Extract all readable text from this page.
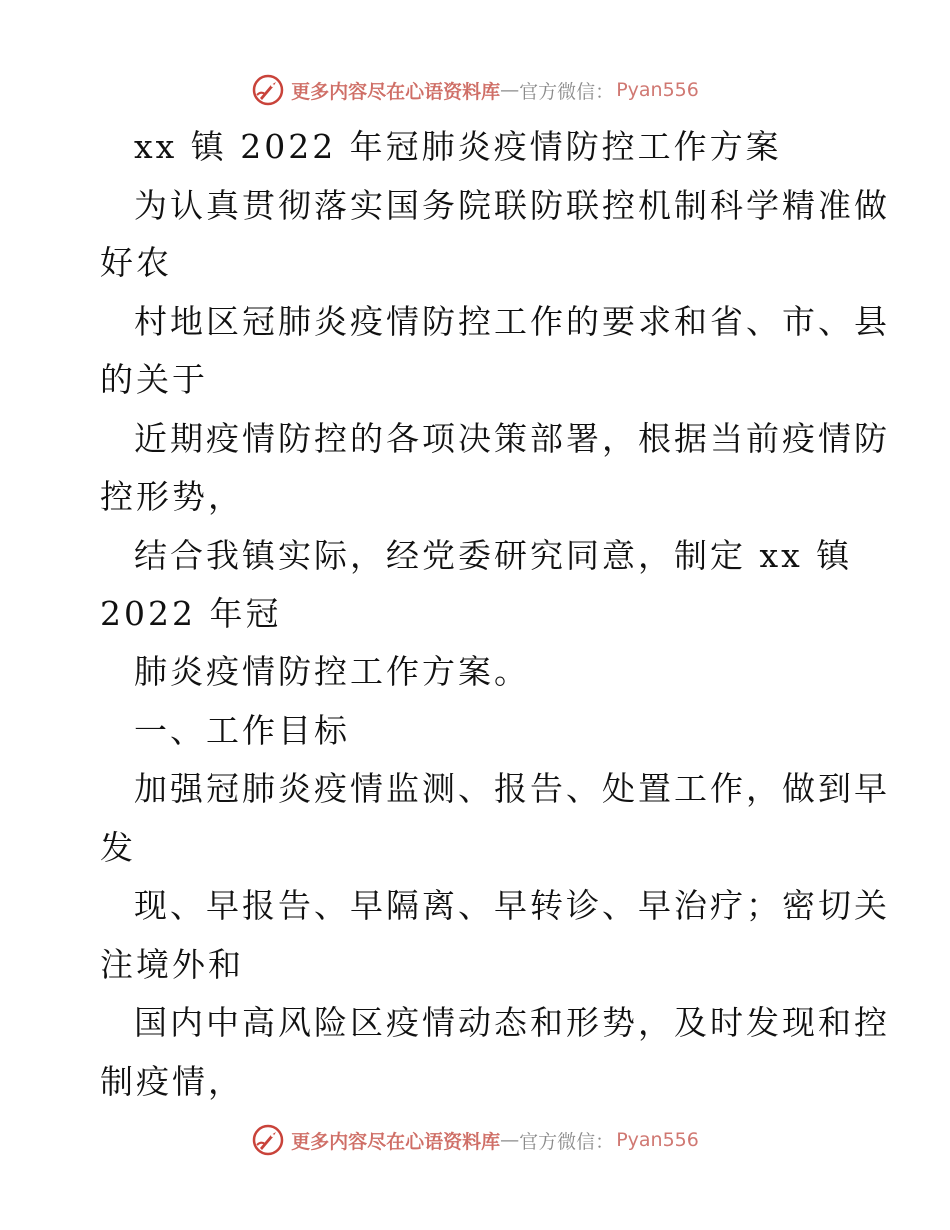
更多内容尽在心语资料库 — 官方微信： Pyan556
xx 镇 2022 年冠肺炎疫情防控工作方案
为认真贯彻落实国务院联防联控机制科学精准做
好农
村地区冠肺炎疫情防控工作的要求和省、市、县
的关于
近期疫情防控的各项决策部署，根据当前疫情防
控形势，
结合我镇实际，经党委研究同意，制定 xx 镇
2022 年冠
肺炎疫情防控工作方案。
一、工作目标
加强冠肺炎疫情监测、报告、处置工作，做到早
发
现、早报告、早隔离、早转诊、早治疗；密切关
注境外和
国内中高风险区疫情动态和形势，及时发现和控
制疫情，
更多内容尽在心语资料库 — 官方微信： Pyan556
